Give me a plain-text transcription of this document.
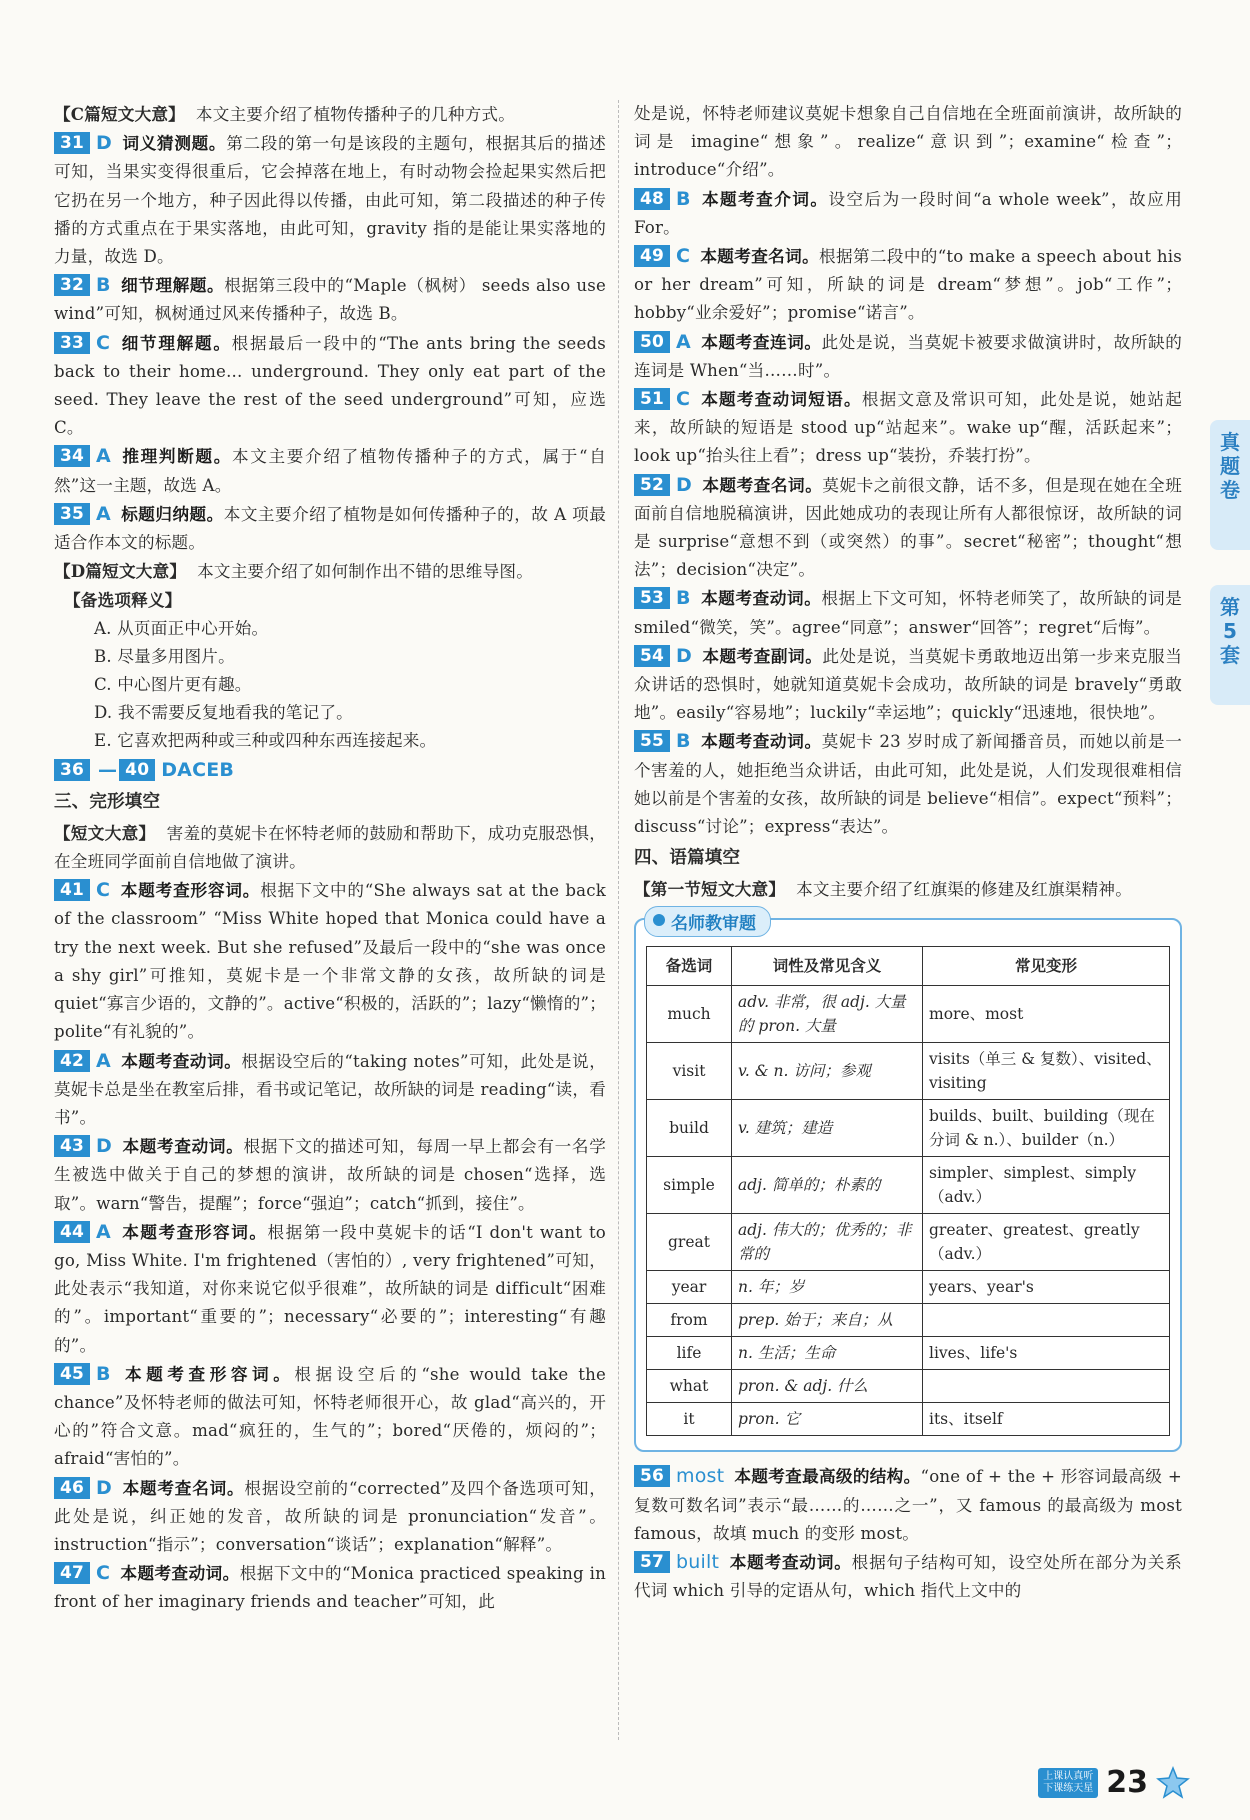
【C篇短文大意】 本文主要介绍了植物传播种子的几种方式。

31 D 词义猜测题。第二段的第一句是该段的主题句，根据其后的描述可知，当果实变得很重后，它会掉落在地上，有时动物会捡起果实然后把它扔在另一个地方，种子因此得以传播，由此可知，第二段描述的种子传播的方式重点在于果实落地，由此可知，gravity 指的是能让果实落地的力量，故选 D。

32 B 细节理解题。根据第三段中的“Maple（枫树） seeds also use wind”可知，枫树通过风来传播种子，故选 B。

33 C 细节理解题。根据最后一段中的“The ants bring the seeds back to their home... underground. They only eat part of the seed. They leave the rest of the seed underground”可知，应选 C。

34 A 推理判断题。本文主要介绍了植物传播种子的方式，属于“自然”这一主题，故选 A。

35 A 标题归纳题。本文主要介绍了植物是如何传播种子的，故 A 项最适合作本文的标题。

【D篇短文大意】 本文主要介绍了如何制作出不错的思维导图。

【备选项释义】

A. 从页面正中心开始。

B. 尽量多用图片。

C. 中心图片更有趣。

D. 我不需要反复地看我的笔记了。

E. 它喜欢把两种或三种或四种东西连接起来。

36 — 40 DACEB

三、完形填空

【短文大意】 害羞的莫妮卡在怀特老师的鼓励和帮助下，成功克服恐惧，在全班同学面前自信地做了演讲。

41 C 本题考查形容词。根据下文中的“She always sat at the back of the classroom” “Miss White hoped that Monica could have a try the next week. But she refused”及最后一段中的“she was once a shy girl”可推知，莫妮卡是一个非常文静的女孩，故所缺的词是 quiet“寡言少语的，文静的”。active“积极的，活跃的”；lazy“懒惰的”；polite“有礼貌的”。

42 A 本题考查动词。根据设空后的“taking notes”可知，此处是说，莫妮卡总是坐在教室后排，看书或记笔记，故所缺的词是 reading“读，看书”。

43 D 本题考查动词。根据下文的描述可知，每周一早上都会有一名学生被选中做关于自己的梦想的演讲，故所缺的词是 chosen“选择，选取”。warn“警告，提醒”；force“强迫”；catch“抓到，接住”。

44 A 本题考查形容词。根据第一段中莫妮卡的话“I don't want to go, Miss White. I'm frightened（害怕的）, very frightened”可知，此处表示“我知道，对你来说它似乎很难”，故所缺的词是 difficult“困难的”。important“重要的”；necessary“必要的”；interesting“有趣的”。

45 B 本题考查形容词。根据设空后的“she would take the chance”及怀特老师的做法可知，怀特老师很开心，故 glad“高兴的，开心的”符合文意。mad“疯狂的，生气的”；bored“厌倦的，烦闷的”；afraid“害怕的”。

46 D 本题考查名词。根据设空前的“corrected”及四个备选项可知，此处是说，纠正她的发音，故所缺的词是 pronunciation“发音”。instruction“指示”；conversation“谈话”；explanation“解释”。

47 C 本题考查动词。根据下文中的“Monica practiced speaking in front of her imaginary friends and teacher”可知，此

处是说，怀特老师建议莫妮卡想象自己自信地在全班面前演讲，故所缺的词是 imagine“想象”。realize“意识到”；examine“检查”；introduce“介绍”。

48 B 本题考查介词。设空后为一段时间“a whole week”，故应用 For。

49 C 本题考查名词。根据第二段中的“to make a speech about his or her dream”可知，所缺的词是 dream“梦想”。job“工作”；hobby“业余爱好”；promise“诺言”。

50 A 本题考查连词。此处是说，当莫妮卡被要求做演讲时，故所缺的连词是 When“当……时”。

51 C 本题考查动词短语。根据文意及常识可知，此处是说，她站起来，故所缺的短语是 stood up“站起来”。wake up“醒，活跃起来”；look up“抬头往上看”；dress up“装扮，乔装打扮”。

52 D 本题考查名词。莫妮卡之前很文静，话不多，但是现在她在全班面前自信地脱稿演讲，因此她成功的表现让所有人都很惊讶，故所缺的词是 surprise“意想不到（或突然）的事”。secret“秘密”；thought“想法”；decision“决定”。

53 B 本题考查动词。根据上下文可知，怀特老师笑了，故所缺的词是 smiled“微笑，笑”。agree“同意”；answer“回答”；regret“后悔”。

54 D 本题考查副词。此处是说，当莫妮卡勇敢地迈出第一步来克服当众讲话的恐惧时，她就知道莫妮卡会成功，故所缺的词是 bravely“勇敢地”。easily“容易地”；luckily“幸运地”；quickly“迅速地，很快地”。

55 B 本题考查动词。莫妮卡 23 岁时成了新闻播音员，而她以前是一个害羞的人，她拒绝当众讲话，由此可知，此处是说，人们发现很难相信她以前是个害羞的女孩，故所缺的词是 believe“相信”。expect“预料”；discuss“讨论”；express“表达”。

四、语篇填空

【第一节短文大意】 本文主要介绍了红旗渠的修建及红旗渠精神。

名师教审题
备选词	词性及常见含义	常见变形
much	adv. 非常，很 adj. 大量的 pron. 大量	more、most
visit	v. & n. 访问；参观	visits（单三 & 复数）、visited、visiting
build	v. 建筑；建造	builds、built、building（现在分词 & n.）、builder（n.）
simple	adj. 简单的；朴素的	simpler、simplest、simply（adv.）
great	adj. 伟大的；优秀的；非常的	greater、greatest、greatly（adv.）
year	n. 年；岁	years、year's
from	prep. 始于；来自；从	
life	n. 生活；生命	lives、life's
what	pron. & adj. 什么	
it	pron. 它	its、itself

56 most 本题考查最高级的结构。“one of + the + 形容词最高级 + 复数可数名词”表示“最……的……之一”，又 famous 的最高级为 most famous，故填 much 的变形 most。

57 built 本题考查动词。根据句子结构可知，设空处所在部分为关系代词 which 引导的定语从句，which 指代上文中的

真
题
卷
第
5
套
上课认真听
下课练天星 23
